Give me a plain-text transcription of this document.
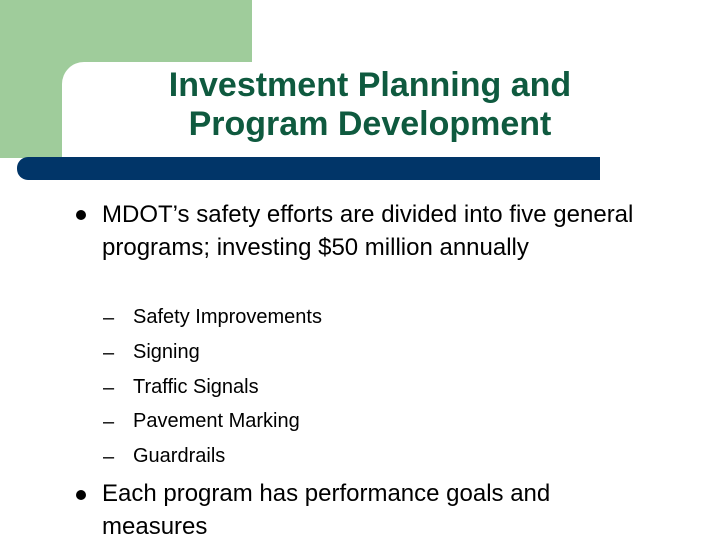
Investment Planning and
Program Development
MDOT’s safety efforts are divided into five general programs; investing $50 million annually
– Safety Improvements
– Signing
– Traffic Signals
– Pavement Marking
– Guardrails
Each program has performance goals and measures
